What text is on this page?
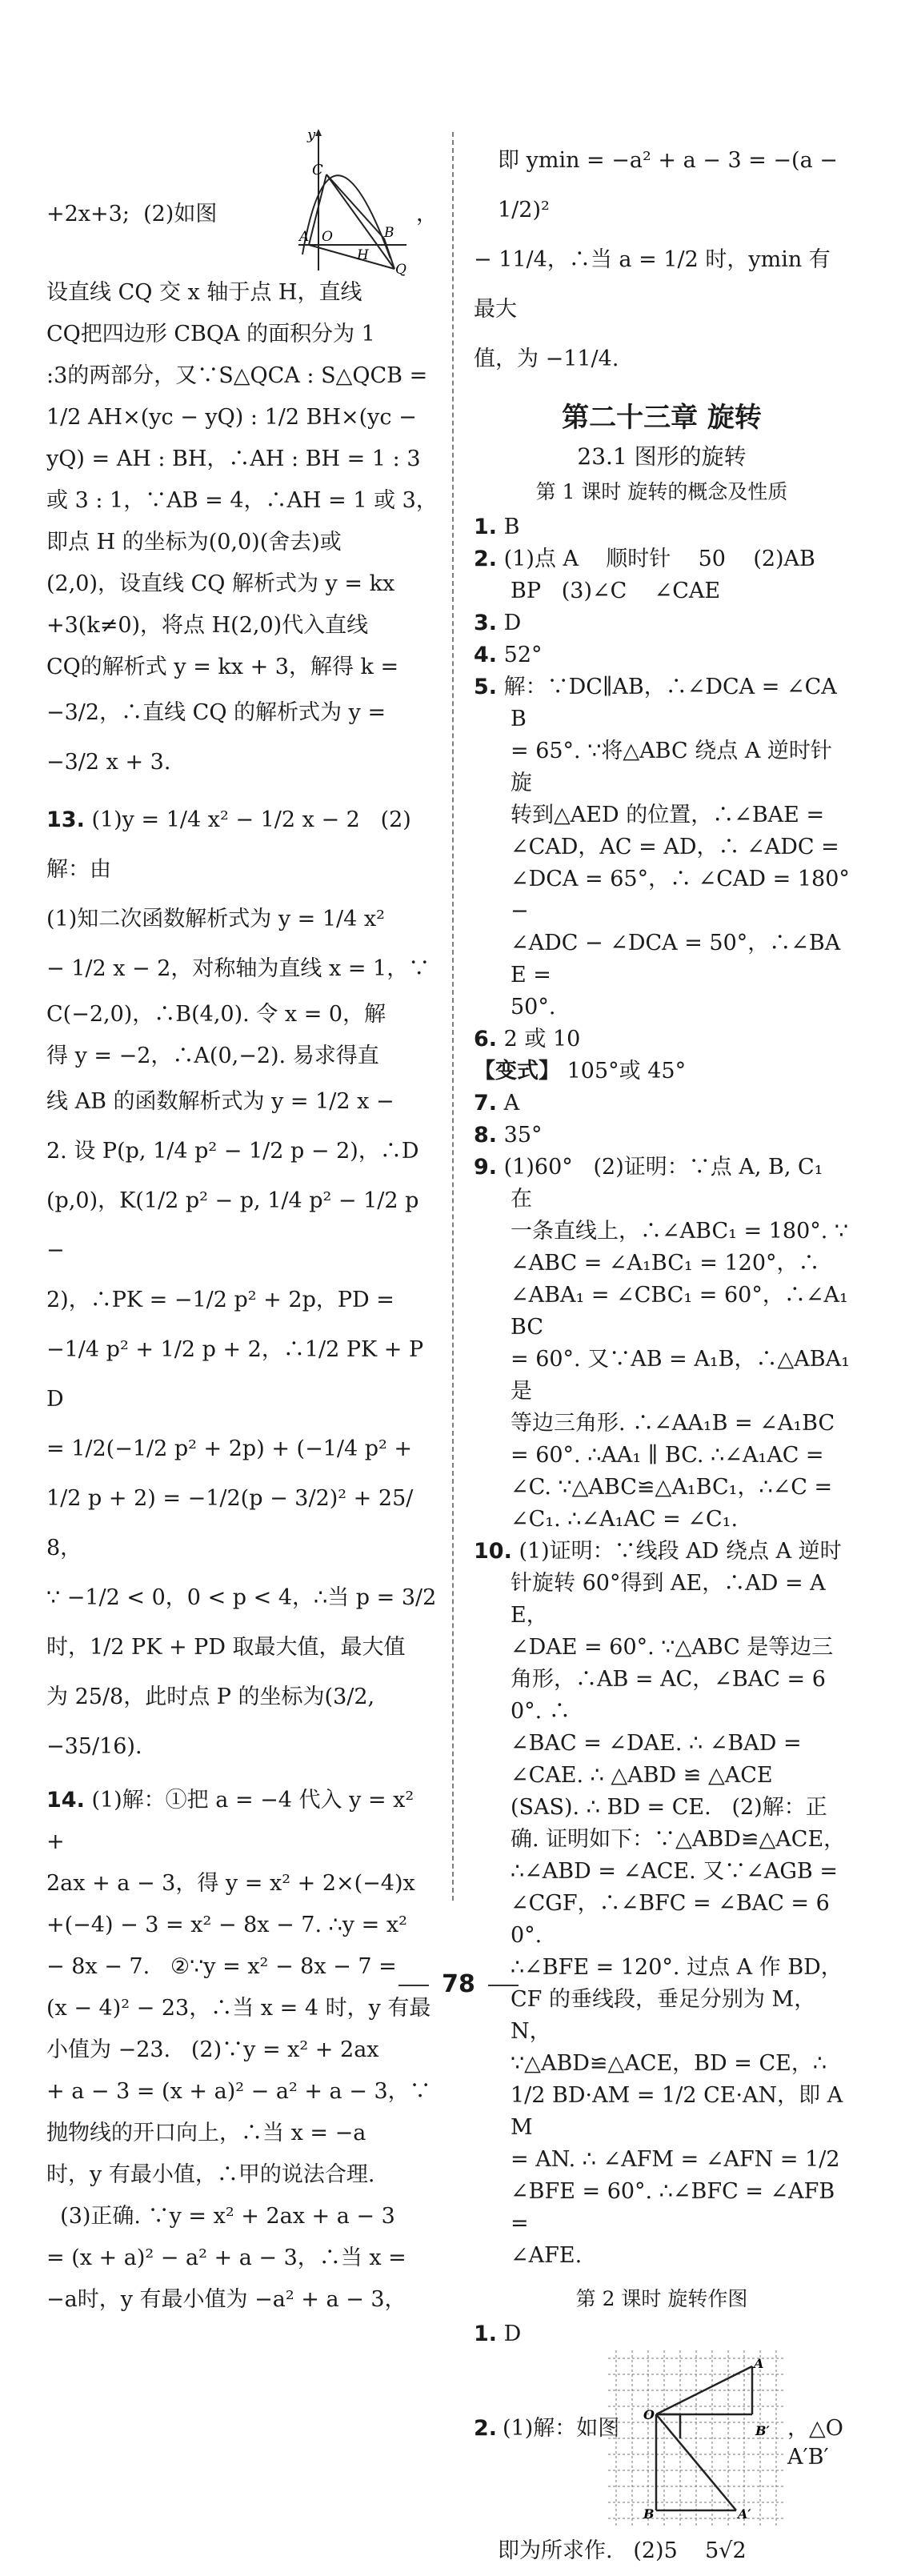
+2x+3;  (2)如图

y
C
A O
H
B
Q

，

设直线 CQ 交 x 轴于点 H，直线
CQ把四边形 CBQA 的面积分为 1
:3的两部分，又∵S△QCA : S△QCB =
1/2 AH×(yc − yQ) : 1/2 BH×(yc −
yQ) = AH : BH，∴AH : BH = 1 : 3
或 3 : 1，∵AB = 4，∴AH = 1 或 3，
即点 H 的坐标为(0,0)(舍去)或
(2,0)，设直线 CQ 解析式为 y = kx
+3(k≠0)，将点 H(2,0)代入直线
CQ的解析式 y = kx + 3，解得 k =
−3/2，∴直线 CQ 的解析式为 y =
−3/2 x + 3.
13. (1)y = 1/4 x² − 1/2 x − 2   (2)解：由
(1)知二次函数解析式为 y = 1/4 x²
− 1/2 x − 2，对称轴为直线 x = 1，∵
C(−2,0)，∴B(4,0). 令 x = 0，解
得 y = −2，∴A(0,−2). 易求得直
线 AB 的函数解析式为 y = 1/2 x −
2. 设 P(p, 1/4 p² − 1/2 p − 2)，∴D
(p,0)，K(1/2 p² − p, 1/4 p² − 1/2 p −
2)，∴PK = −1/2 p² + 2p，PD =
−1/4 p² + 1/2 p + 2，∴1/2 PK + PD
= 1/2(−1/2 p² + 2p) + (−1/4 p² +
1/2 p + 2) = −1/2(p − 3/2)² + 25/8，
∵ −1/2 < 0，0 < p < 4，∴当 p = 3/2
时，1/2 PK + PD 取最大值，最大值
为 25/8，此时点 P 的坐标为(3/2,
−35/16).
14. (1)解：①把 a = −4 代入 y = x² +
2ax + a − 3，得 y = x² + 2×(−4)x
+(−4) − 3 = x² − 8x − 7. ∴y = x²
− 8x − 7.   ②∵y = x² − 8x − 7 =
(x − 4)² − 23，∴当 x = 4 时，y 有最
小值为 −23.   (2)∵y = x² + 2ax
+ a − 3 = (x + a)² − a² + a − 3，∵
抛物线的开口向上，∴当 x = −a
时，y 有最小值，∴甲的说法合理.
(3)正确. ∵y = x² + 2ax + a − 3
= (x + a)² − a² + a − 3，∴当 x =
−a时，y 有最小值为 −a² + a − 3，
即 ymin = −a² + a − 3 = −(a − 1/2)²
− 11/4，∴当 a = 1/2 时，ymin 有最大
值，为 −11/4.
第二十三章 旋转
23.1 图形的旋转
第 1 课时 旋转的概念及性质
1. B
2. (1)点 A    顺时针    50    (2)AB
BP   (3)∠C    ∠CAE
3. D
4. 52°
5. 解：∵DC∥AB，∴∠DCA = ∠CAB
= 65°. ∵将△ABC 绕点 A 逆时针旋
转到△AED 的位置，∴∠BAE =
∠CAD，AC = AD，∴ ∠ADC =
∠DCA = 65°，∴ ∠CAD = 180° −
∠ADC − ∠DCA = 50°，∴∠BAE =
50°.
6. 2 或 10
【变式】 105°或 45°
7. A
8. 35°
9. (1)60°   (2)证明：∵点 A, B, C₁ 在
一条直线上，∴∠ABC₁ = 180°. ∵
∠ABC = ∠A₁BC₁ = 120°，∴
∠ABA₁ = ∠CBC₁ = 60°，∴∠A₁BC
= 60°. 又∵AB = A₁B，∴△ABA₁ 是
等边三角形. ∴∠AA₁B = ∠A₁BC
= 60°. ∴AA₁ ∥ BC. ∴∠A₁AC =
∠C. ∵△ABC≌△A₁BC₁，∴∠C =
∠C₁. ∴∠A₁AC = ∠C₁.
10. (1)证明：∵线段 AD 绕点 A 逆时
针旋转 60°得到 AE，∴AD = AE，
∠DAE = 60°. ∵△ABC 是等边三
角形，∴AB = AC，∠BAC = 60°. ∴
∠BAC = ∠DAE. ∴ ∠BAD =
∠CAE. ∴ △ABD ≌ △ACE
(SAS). ∴ BD = CE.   (2)解：正
确. 证明如下：∵△ABD≌△ACE，
∴∠ABD = ∠ACE. 又∵∠AGB =
∠CGF，∴∠BFC = ∠BAC = 60°.
∴∠BFE = 120°. 过点 A 作 BD，
CF 的垂线段，垂足分别为 M，N，
∵△ABD≌△ACE，BD = CE，∴
1/2 BD·AM = 1/2 CE·AN，即 AM
= AN. ∴ ∠AFM = ∠AFN = 1/2
∠BFE = 60°. ∴∠BFC = ∠AFB =
∠AFE.
第 2 课时 旋转作图
1. D

2.

(1)解：如图

A
O
B′
B	A′

，△OA′B′

即为所求作.   (2)5    5√2
78
